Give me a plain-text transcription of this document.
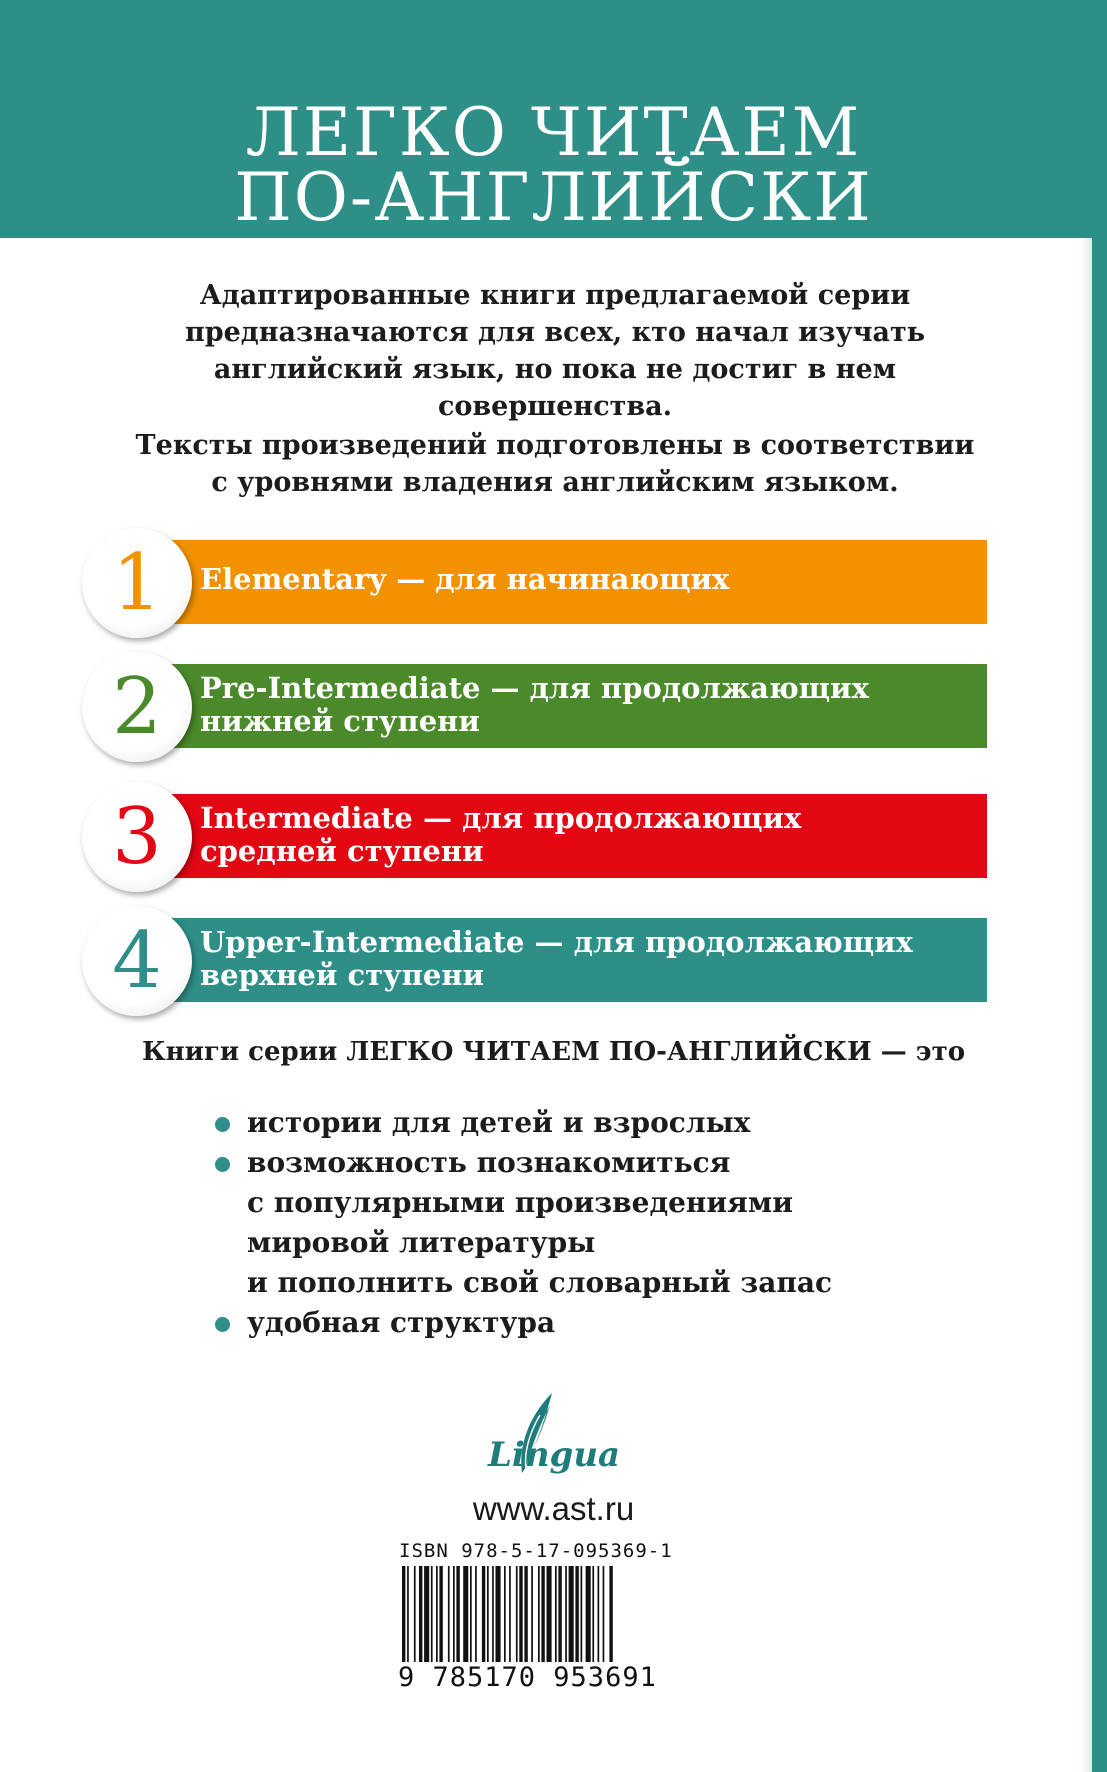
ЛЕГКО ЧИТАЕМ
ПО-АНГЛИЙСКИ

Адаптированные книги предлагаемой серии

предназначаются для всех, кто начал изучать

английский язык, но пока не достиг в нем

совершенства.

Тексты произведений подготовлены в соответствии

с уровнями владения английским языком.

Elementary — для начинающих
1
Pre-Intermediate — для продолжающих
нижней ступени
2
Intermediate — для продолжающих
средней ступени
3
Upper-Intermediate — для продолжающих
верхней ступени
4
Книги серии ЛЕГКО ЧИТАЕМ ПО-АНГЛИЙСКИ — это
истории для детей и взрослых
возможность познакомиться
с популярными произведениями
мировой литературы
и пополнить свой словарный запас
удобная структура
Lingua
www.ast.ru
ISBN 978-5-17-095369-1
9 785170 953691
